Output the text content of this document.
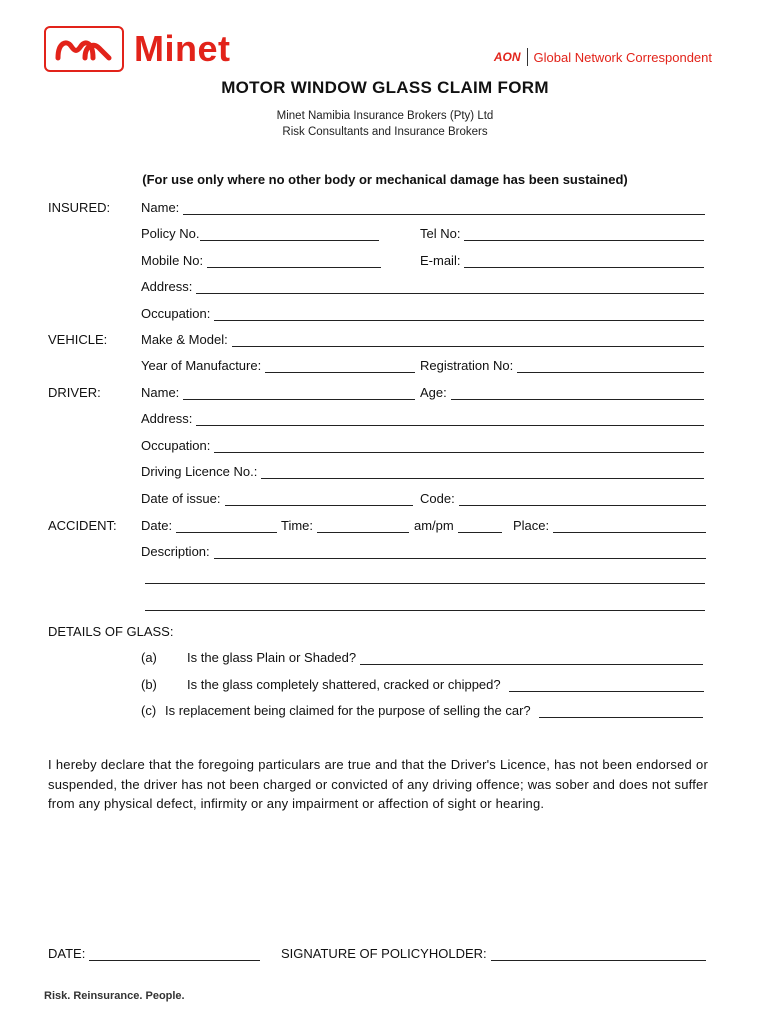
Minet	AON Global Network Correspondent
MOTOR WINDOW GLASS CLAIM FORM
Minet Namibia Insurance Brokers (Pty) Ltd
Risk Consultants and Insurance Brokers
(For use only where no other body or mechanical damage has been sustained)
INSURED: Name:
Policy No.	Tel No:
Mobile No:	E-mail:
Address:
Occupation:
VEHICLE:	Make & Model:
Year of Manufacture:	Registration No:
DRIVER:	Name:	Age:
Address:
Occupation:
Driving Licence No.:
Date of issue:	Code:
ACCIDENT: Date:	Time:	am/pm	Place:
Description:
DETAILS OF GLASS:
(a) Is the glass Plain or Shaded?
(b) Is the glass completely shattered, cracked or chipped?
(c) Is replacement being claimed for the purpose of selling the car?
I hereby declare that the foregoing particulars are true and that the Driver's Licence, has not been endorsed or suspended, the driver has not been charged or convicted of any driving offence; was sober and does not suffer from any physical defect, infirmity or any impairment or affection of sight or hearing.
DATE:	SIGNATURE OF POLICYHOLDER:
Risk. Reinsurance. People.
